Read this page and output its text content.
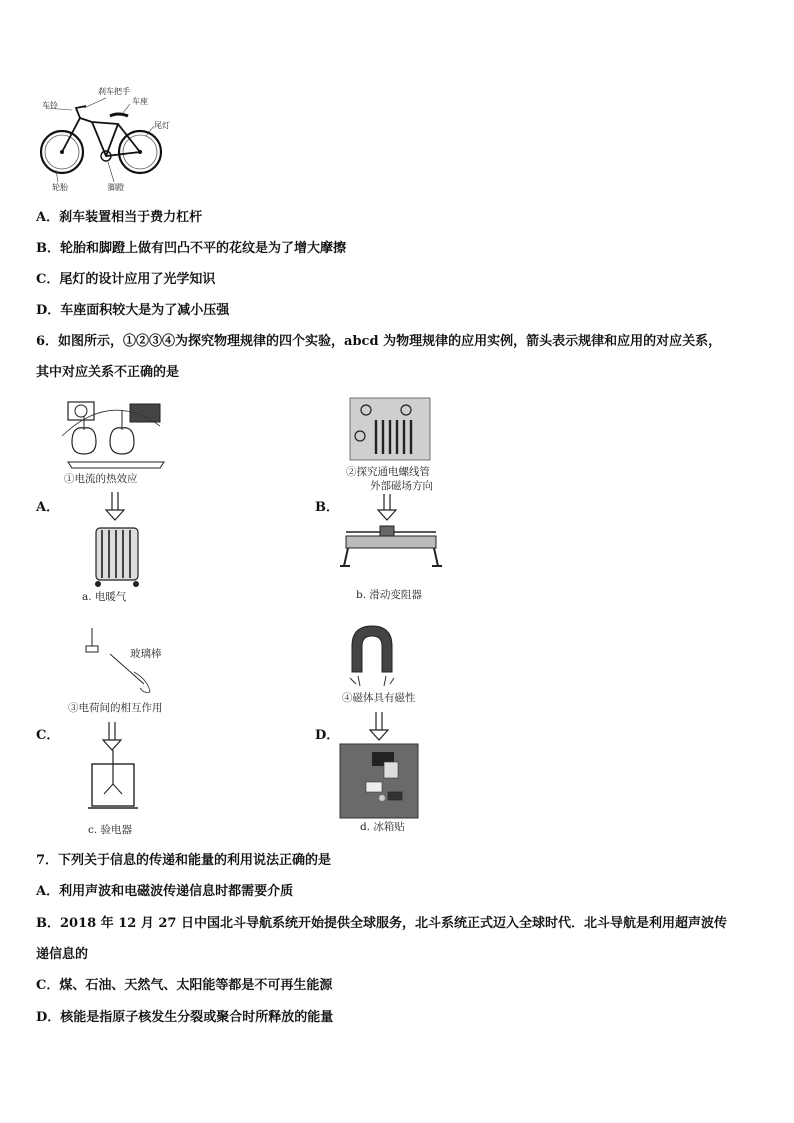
车铃
刹车把手
车座
尾灯
轮胎	脚蹬
A．刹车装置相当于费力杠杆
B．轮胎和脚蹬上做有凹凸不平的花纹是为了增大摩擦
C．尾灯的设计应用了光学知识
D．车座面积较大是为了减小压强
6．如图所示，①②③④为探究物理规律的四个实验，abcd 为物理规律的应用实例，箭头表示规律和应用的对应关系，
其中对应关系不正确的是
①电流的热效应
a. 电暖气
A．
②探究通电螺线管
外部磁场方向
b. 滑动变阻器
B．
玻璃棒
③电荷间的相互作用
c. 验电器
C．
④磁体具有磁性
d. 冰箱贴
D．
7．下列关于信息的传递和能量的利用说法正确的是
A．利用声波和电磁波传递信息时都需要介质
B．2018 年 12 月 27 日中国北斗导航系统开始提供全球服务，北斗系统正式迈入全球时代．北斗导航是利用超声波传
递信息的
C．煤、石油、天然气、太阳能等都是不可再生能源
D．核能是指原子核发生分裂或聚合时所释放的能量
